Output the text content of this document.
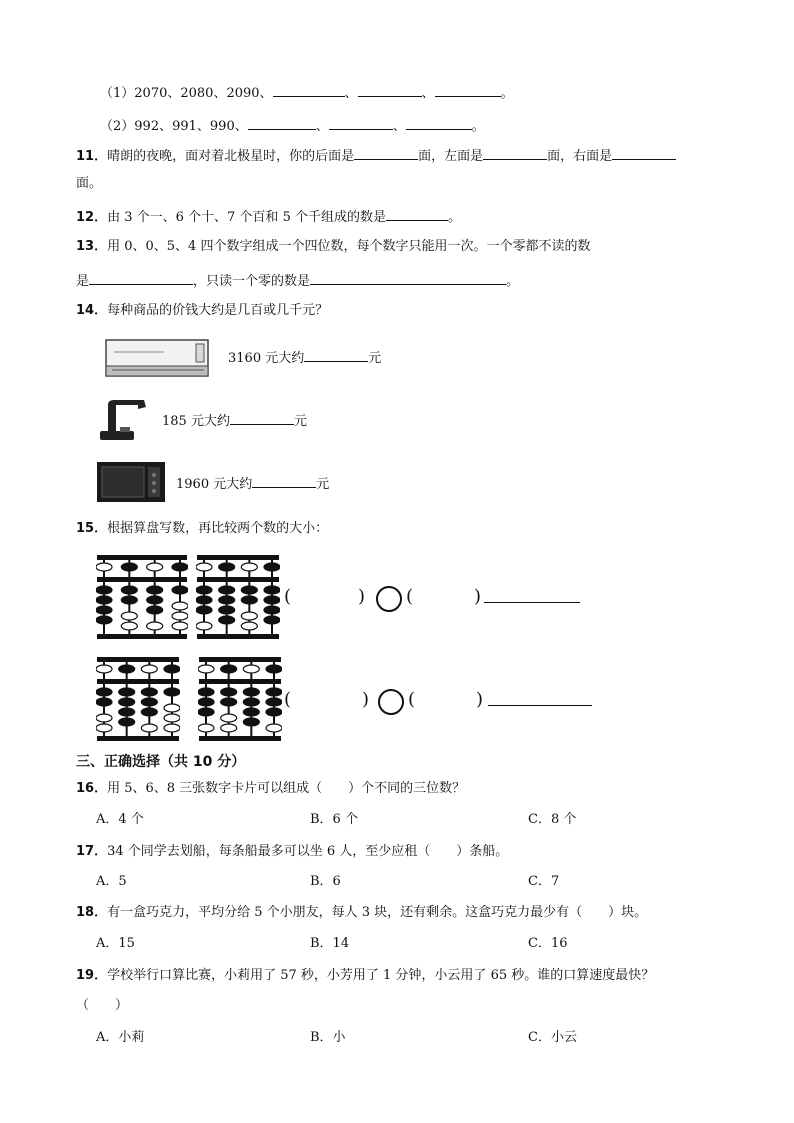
（1）2070、2080、2090、	、	、	。
（2）992、991、990、	、	、	。
11．晴朗的夜晚，面对着北极星时，你的后面是	面，左面是	面，右面是
面。
12．由 3 个一、6 个十、7 个百和 5 个千组成的数是	。
13．用 0、0、5、4 四个数字组成一个四位数，每个数字只能用一次。一个零都不读的数
是	，只读一个零的数是	。
14．每种商品的价钱大约是几百或几千元？
3160 元大约	元
185 元大约	元
1960 元大约	元
15．根据算盘写数，再比较两个数的大小：
(	) (	)
(	) (	)
三、正确选择（共 10 分）
16．用 5、6、8 三张数字卡片可以组成（　　）个不同的三位数？
A．4 个	B．6 个	C．8 个
17．34 个同学去划船，每条船最多可以坐 6 人，至少应租（　　）条船。
A．5	B．6	C．7
18．有一盒巧克力，平均分给 5 个小朋友，每人 3 块，还有剩余。这盒巧克力最少有（　　）块。
A．15	B．14	C．16
19．学校举行口算比赛，小莉用了 57 秒，小芳用了 1 分钟，小云用了 65 秒。谁的口算速度最快？
（　　）
A．小莉	B．小	C．小云
